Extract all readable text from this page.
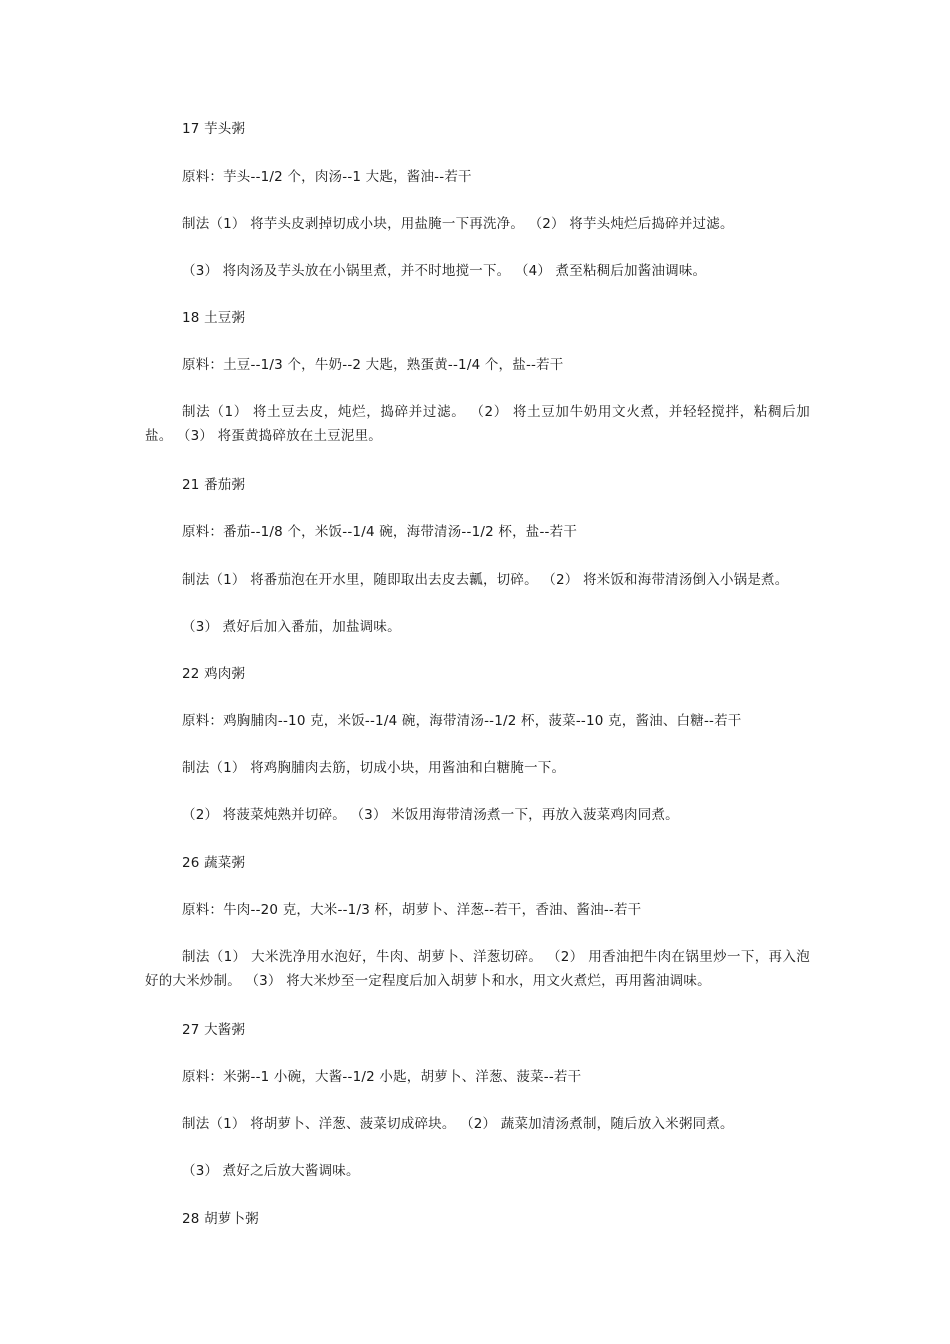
17 芋头粥
原料：芋头--1/2 个，肉汤--1 大匙，酱油--若干
制法（1） 将芋头皮剥掉切成小块，用盐腌一下再洗净。 （2） 将芋头炖烂后捣碎并过滤。
（3） 将肉汤及芋头放在小锅里煮，并不时地搅一下。 （4） 煮至粘稠后加酱油调味。
18 土豆粥
原料：土豆--1/3 个，牛奶--2 大匙，熟蛋黄--1/4 个，盐--若干
制法（1） 将土豆去皮，炖烂，捣碎并过滤。 （2） 将土豆加牛奶用文火煮，并轻轻搅拌，粘稠后加盐。 （3） 将蛋黄捣碎放在土豆泥里。
21 番茄粥
原料：番茄--1/8 个，米饭--1/4 碗，海带清汤--1/2 杯，盐--若干
制法（1） 将番茄泡在开水里，随即取出去皮去瓤，切碎。 （2） 将米饭和海带清汤倒入小锅是煮。
（3） 煮好后加入番茄，加盐调味。
22 鸡肉粥
原料：鸡胸脯肉--10 克，米饭--1/4 碗，海带清汤--1/2 杯，菠菜--10 克，酱油、白糖--若干
制法（1） 将鸡胸脯肉去筋，切成小块，用酱油和白糖腌一下。
（2） 将菠菜炖熟并切碎。 （3） 米饭用海带清汤煮一下，再放入菠菜鸡肉同煮。
26 蔬菜粥
原料：牛肉--20 克，大米--1/3 杯，胡萝卜、洋葱--若干，香油、酱油--若干
制法（1） 大米洗净用水泡好，牛肉、胡萝卜、洋葱切碎。 （2） 用香油把牛肉在锅里炒一下，再入泡好的大米炒制。 （3） 将大米炒至一定程度后加入胡萝卜和水，用文火煮烂，再用酱油调味。
27 大酱粥
原料：米粥--1 小碗，大酱--1/2 小匙，胡萝卜、洋葱、菠菜--若干
制法（1） 将胡萝卜、洋葱、菠菜切成碎块。 （2） 蔬菜加清汤煮制，随后放入米粥同煮。
（3） 煮好之后放大酱调味。
28 胡萝卜粥
